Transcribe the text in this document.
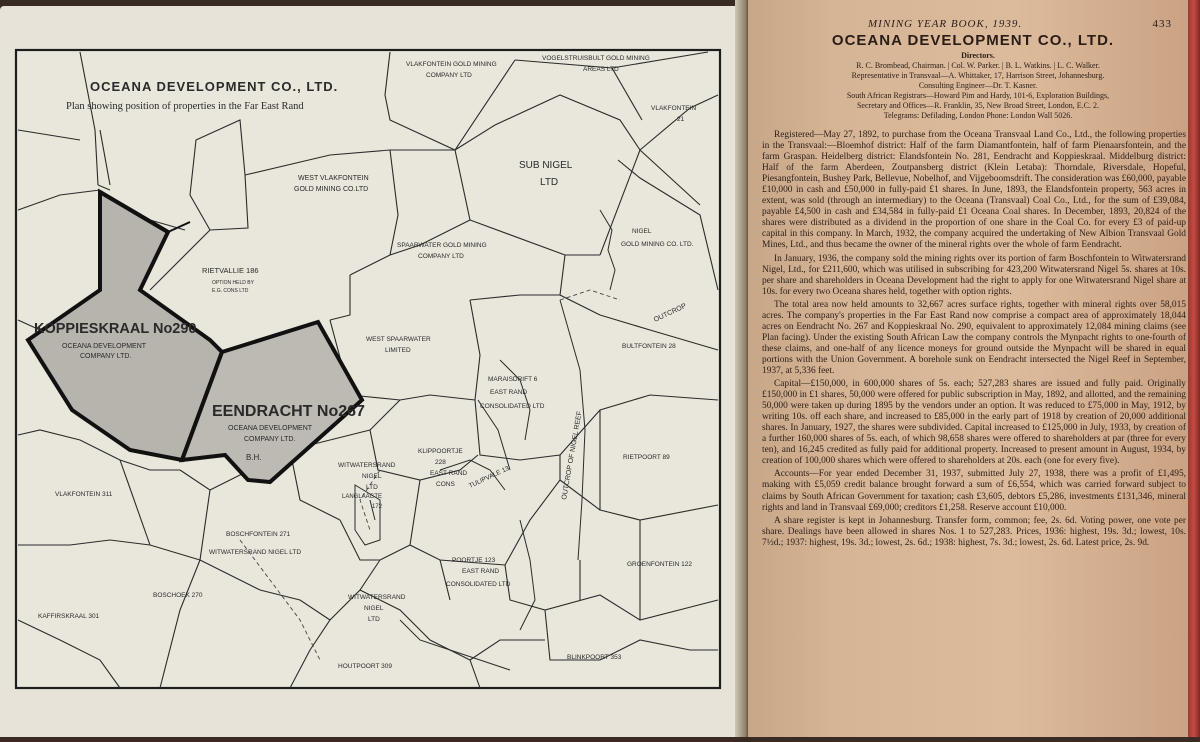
OCEANA DEVELOPMENT CO., LTD.
Plan showing position of properties in the Far East Rand
KOPPIESKRAAL No290
OCEANA DEVELOPMENT
COMPANY LTD.
EENDRACHT No267
OCEANA DEVELOPMENT
COMPANY LTD.
B.H.
WEST VLAKFONTEIN
GOLD MINING CO.LTD
VLAKFONTEIN GOLD MINING
COMPANY LTD
VOGELSTRUISBULT GOLD MINING
AREAS LTD
VLAKFONTEIN
21
SUB NIGEL
LTD
NIGEL
GOLD MINING CO. LTD.
SPAARWATER GOLD MINING
COMPANY LTD
RIETVALLIE 186
OPTION HELD BY
E.G. CONS LTD
WEST SPAARWATER
LIMITED
MARAISDRIFT 6
EAST RAND
CONSOLIDATED LTD
BULTFONTEIN 28
OUTCROP
OUTCROP OF NIGEL REEF	RIETPOORT 89
KLIPPOORTJE
228
EAST RAND
CONS TULIPVALE 13
WITWATERSRAND
NIGEL
LTD
LANGLAAGTE
172
VLAKFONTEIN 311
BOSCHFONTEIN 271
WITWATERSRAND NIGEL LTD
BOSCHOEK 270
KAFFIRSKRAAL 301
POORTJE 123
EAST RAND
CONSOLIDATED LTD
GROENFONTEIN 122
WITWATERSRAND
NIGEL
LTD
HOUTPOORT 309
BLINKPOORT 353
MINING YEAR BOOK, 1939.	433
OCEANA DEVELOPMENT CO., LTD.
Directors.
R. C. Brombead, Chairman. | Col. W. Parker. | B. L. Watkins. | L. C. Walker.
Representative in Transvaal—A. Whittaker, 17, Harrison Street, Johannesburg.
Consulting Engineer—Dr. T. Kasner.
South African Registrars—Howard Pim and Hardy, 101-6, Exploration Buildings,
Secretary and Offices—R. Franklin, 35, New Broad Street, London, E.C. 2.
Telegrams: Defilading, London Phone: London Wall 5026.

Registered—May 27, 1892, to purchase from the Oceana Transvaal Land Co., Ltd., the following properties in the Transvaal:—Bloemhof district: Half of the farm Diamantfontein, half of farm Pienaarsfontein, and the farm Graspan. Heidelberg district: Elandsfontein No. 281, Eendracht and Koppieskraal. Middelburg district: Half of the farm Aberdeen, Zoutpansberg district (Klein Letaba): Thorndale, Riversdale, Hopeful, Piesangfontein, Bushey Park, Bellevue, Nobelhof, and Vijgeboomsdrift. The consideration was £60,000, payable £10,000 in cash and £50,000 in fully-paid £1 shares. In June, 1893, the Elandsfontein property, 563 acres in extent, was sold (through an intermediary) to the Oceana (Transvaal) Coal Co., Ltd., for the sum of £39,084, payable £4,500 in cash and £34,584 in fully-paid £1 Oceana Coal shares. In December, 1893, 20,824 of the shares were distributed as a dividend in the proportion of one share in the Coal Co. for every £3 of paid-up capital in this company. In March, 1932, the company acquired the undertaking of New Albion Transvaal Gold Mines, Ltd., and thus became the owner of the mineral rights over the whole of farm Eendracht.

In January, 1936, the company sold the mining rights over its portion of farm Boschfontein to Witwatersrand Nigel, Ltd., for £211,600, which was utilised in subscribing for 423,200 Witwatersrand Nigel 5s. shares at 10s. per share and shareholders in Oceana Development had the right to apply for one Witwatersrand Nigel share at 10s. for every two Oceana shares held, together with option rights.

The total area now held amounts to 32,667 acres surface rights, together with mineral rights over 58,015 acres. The company's properties in the Far East Rand now comprise a compact area of approximately 18,044 acres on Eendracht No. 267 and Koppieskraal No. 290, equivalent to approximately 12,084 mining claims (see Plan facing). Under the existing South African Law the company controls the Mynpacht rights to one-fourth of these claims, and one-half of any licence moneys for ground outside the Mynpacht will be shared in equal portions with the Union Government. A borehole sunk on Eendracht intersected the Nigel Reef in September, 1937, at 5,336 feet.

Capital—£150,000, in 600,000 shares of 5s. each; 527,283 shares are issued and fully paid. Originally £150,000 in £1 shares, 50,000 were offered for public subscription in May, 1892, and allotted, and the remaining 50,000 were taken up during 1895 by the vendors under an option. It was reduced to £75,000 in May, 1912, by writing 10s. off each share, and increased to £85,000 in the early part of 1918 by creation of 20,000 additional shares. In January, 1927, the shares were subdivided. Capital increased to £125,000 in July, 1933, by creation of a further 160,000 shares of 5s. each, of which 98,658 shares were offered to shareholders at par (three for every ten), and 16,245 credited as fully paid for additional property. Increased to present amount in August, 1934, by creation of 100,000 shares which were offered to shareholders at 20s. each (one for every five).

Accounts—For year ended December 31, 1937, submitted July 27, 1938, there was a profit of £1,495, making with £5,059 credit balance brought forward a sum of £6,554, which was carried forward subject to claims by South African Government for taxation; cash £3,605, debtors £5,286, investments £131,346, mineral rights and land in Transvaal £69,000; creditors £1,258. Reserve account £10,000.

A share register is kept in Johannesburg. Transfer form, common; fee, 2s. 6d. Voting power, one vote per share. Dealings have been allowed in shares Nos. 1 to 527,283. Prices, 1936: highest, 19s. 3d.; lowest, 10s. 7½d.; 1937: highest, 19s. 3d.; lowest, 2s. 6d.; 1938: highest, 7s. 3d.; lowest, 2s. 6d. Latest price, 2s. 9d.
